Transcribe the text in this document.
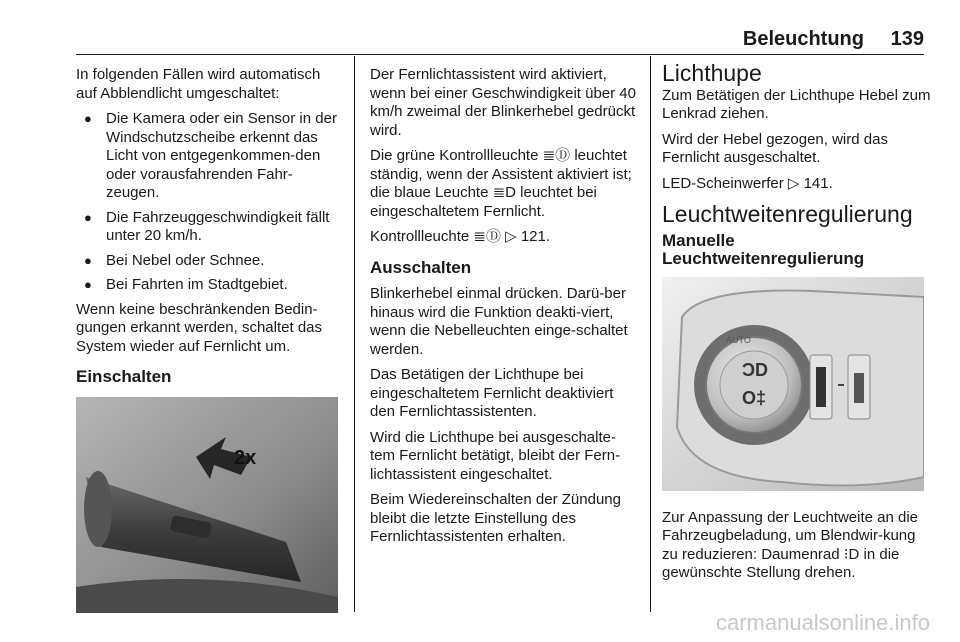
Beleuchtung 139

In folgenden Fällen wird automatisch auf Abblendlicht umgeschaltet:

● Die Kamera oder ein Sensor in der Windschutzscheibe erkennt das Licht von entgegenkommen-den oder vorausfahrenden Fahr-zeugen.
● Die Fahrzeuggeschwindigkeit fällt unter 20 km/h.
● Bei Nebel oder Schnee.
● Bei Fahrten im Stadtgebiet.

Wenn keine beschränkenden Bedin-gungen erkannt werden, schaltet das System wieder auf Fernlicht um.

Einschalten
2x

Der Fernlichtassistent wird aktiviert, wenn bei einer Geschwindigkeit über 40 km/h zweimal der Blinkerhebel gedrückt wird.

Die grüne Kontrollleuchte ≣Ⓓ leuchtet ständig, wenn der Assistent aktiviert ist; die blaue Leuchte ≣D leuchtet bei eingeschaltetem Fernlicht.

Kontrollleuchte ≣Ⓓ ▷ 121.

Ausschalten

Blinkerhebel einmal drücken. Darü-ber hinaus wird die Funktion deakti-viert, wenn die Nebelleuchten einge-schaltet werden.

Das Betätigen der Lichthupe bei eingeschaltetem Fernlicht deaktiviert den Fernlichtassistenten.

Wird die Lichthupe bei ausgeschalte-tem Fernlicht betätigt, bleibt der Fern-lichtassistent eingeschaltet.

Beim Wiedereinschalten der Zündung bleibt die letzte Einstellung des Fernlichtassistenten erhalten.

Lichthupe

Zum Betätigen der Lichthupe Hebel zum Lenkrad ziehen.

Wird der Hebel gezogen, wird das Fernlicht ausgeschaltet.

LED-Scheinwerfer ▷ 141.

Leuchtweitenregulierung
Manuelle Leuchtweitenregulierung
AUTO
ƆD
O‡

Zur Anpassung der Leuchtweite an die Fahrzeugbeladung, um Blendwir-kung zu reduzieren: Daumenrad ⁝D in die gewünschte Stellung drehen.

carmanualsonline.info
